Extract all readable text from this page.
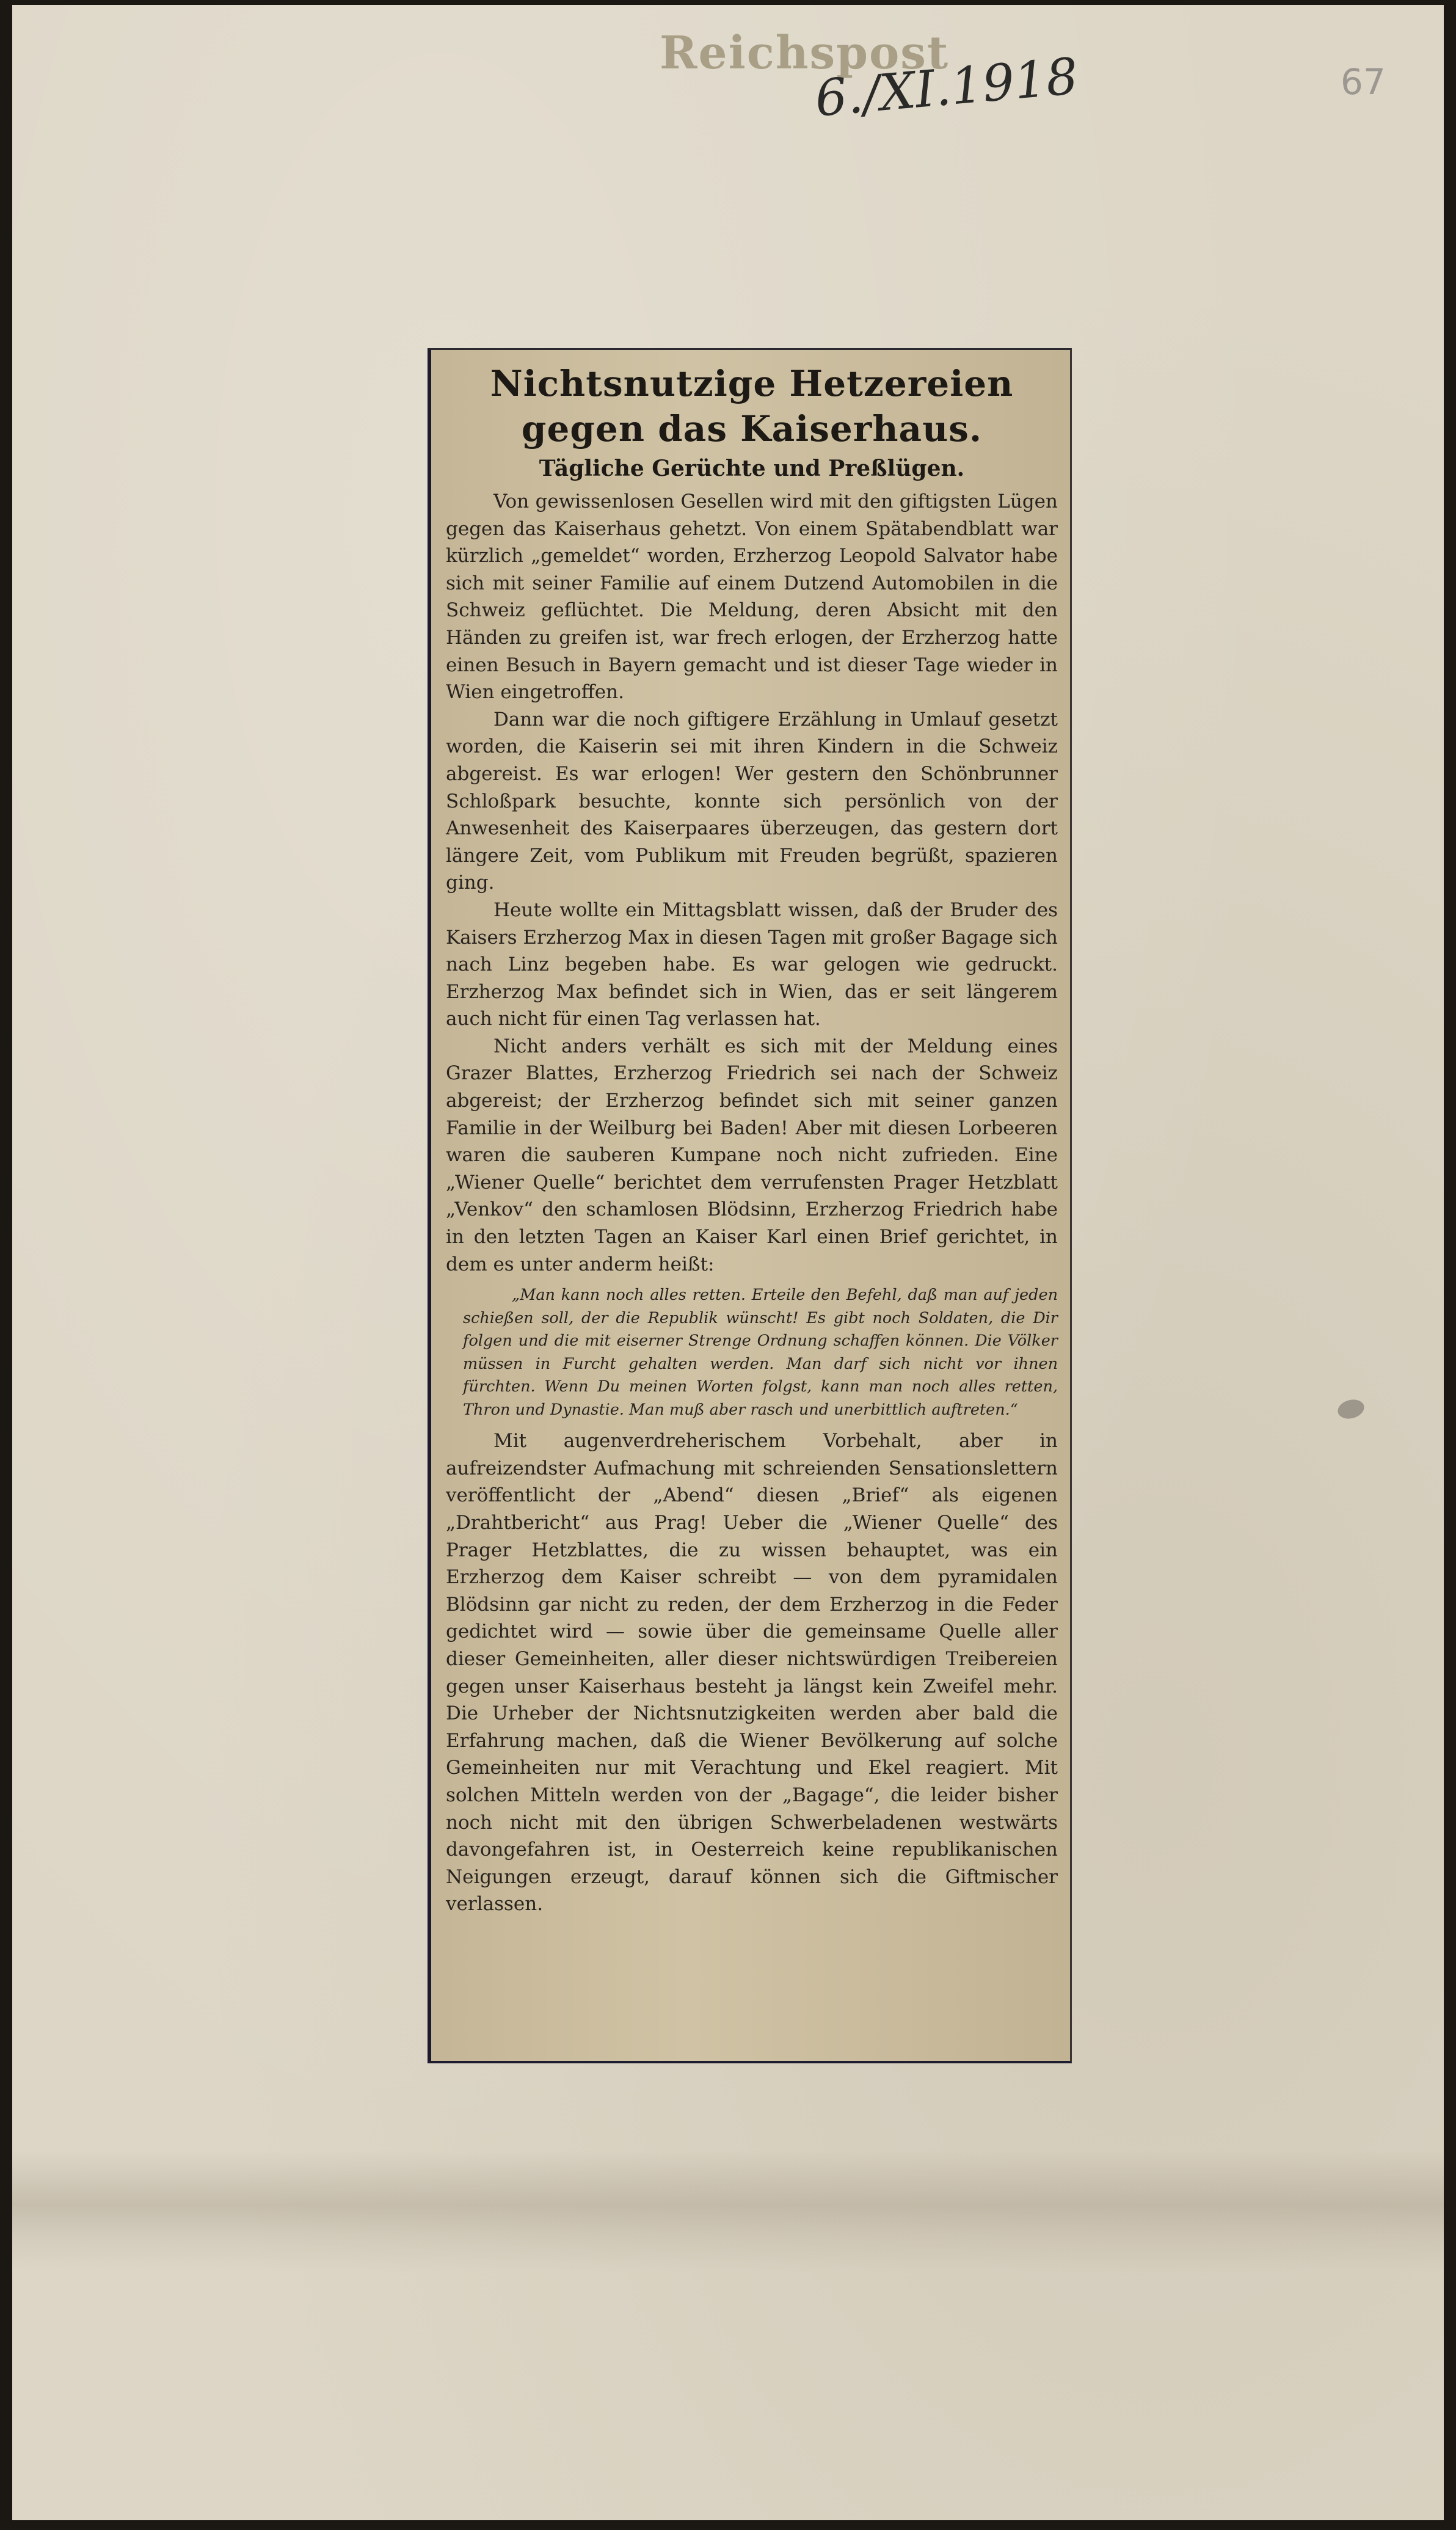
Reichspost
6./XI.1918	67
Nichtsnutzige Hetzereien gegen das Kaiserhaus.
Tägliche Gerüchte und Preßlügen.

Von gewissenlosen Gesellen wird mit den giftigsten Lügen gegen das Kaiserhaus gehetzt. Von einem Spätabendblatt war kürzlich „gemeldet“ worden, Erzherzog Leopold Salvator habe sich mit seiner Familie auf einem Dutzend Automobilen in die Schweiz geflüchtet. Die Meldung, deren Absicht mit den Händen zu greifen ist, war frech erlogen, der Erzherzog hatte einen Besuch in Bayern gemacht und ist dieser Tage wieder in Wien eingetroffen.

Dann war die noch giftigere Erzählung in Umlauf gesetzt worden, die Kaiserin sei mit ihren Kindern in die Schweiz abgereist. Es war erlogen! Wer gestern den Schönbrunner Schloßpark besuchte, konnte sich persönlich von der Anwesenheit des Kaiserpaares überzeugen, das gestern dort längere Zeit, vom Publikum mit Freuden begrüßt, spazieren ging.

Heute wollte ein Mittagsblatt wissen, daß der Bruder des Kaisers Erzherzog Max in diesen Tagen mit großer Bagage sich nach Linz begeben habe. Es war gelogen wie gedruckt. Erzherzog Max befindet sich in Wien, das er seit längerem auch nicht für einen Tag verlassen hat.

Nicht anders verhält es sich mit der Meldung eines Grazer Blattes, Erzherzog Friedrich sei nach der Schweiz abgereist; der Erzherzog befindet sich mit seiner ganzen Familie in der Weilburg bei Baden! Aber mit diesen Lorbeeren waren die sauberen Kumpane noch nicht zufrieden. Eine „Wiener Quelle“ berichtet dem verrufensten Prager Hetzblatt „Venkov“ den schamlosen Blödsinn, Erzherzog Friedrich habe in den letzten Tagen an Kaiser Karl einen Brief gerichtet, in dem es unter anderm heißt:

„Man kann noch alles retten. Erteile den Befehl, daß man auf jeden schießen soll, der die Republik wünscht! Es gibt noch Soldaten, die Dir folgen und die mit eiserner Strenge Ordnung schaffen können. Die Völker müssen in Furcht gehalten werden. Man darf sich nicht vor ihnen fürchten. Wenn Du meinen Worten folgst, kann man noch alles retten, Thron und Dynastie. Man muß aber rasch und unerbittlich auftreten.“

Mit augenverdreherischem Vorbehalt, aber in aufreizendster Aufmachung mit schreienden Sensationslettern veröffentlicht der „Abend“ diesen „Brief“ als eigenen „Drahtbericht“ aus Prag! Ueber die „Wiener Quelle“ des Prager Hetzblattes, die zu wissen behauptet, was ein Erzherzog dem Kaiser schreibt — von dem pyramidalen Blödsinn gar nicht zu reden, der dem Erzherzog in die Feder gedichtet wird — sowie über die gemeinsame Quelle aller dieser Gemeinheiten, aller dieser nichtswürdigen Treibereien gegen unser Kaiserhaus besteht ja längst kein Zweifel mehr. Die Urheber der Nichtsnutzigkeiten werden aber bald die Erfahrung machen, daß die Wiener Bevölkerung auf solche Gemeinheiten nur mit Verachtung und Ekel reagiert. Mit solchen Mitteln werden von der „Bagage“, die leider bisher noch nicht mit den übrigen Schwerbeladenen westwärts davongefahren ist, in Oesterreich keine republikanischen Neigungen erzeugt, darauf können sich die Giftmischer verlassen.
